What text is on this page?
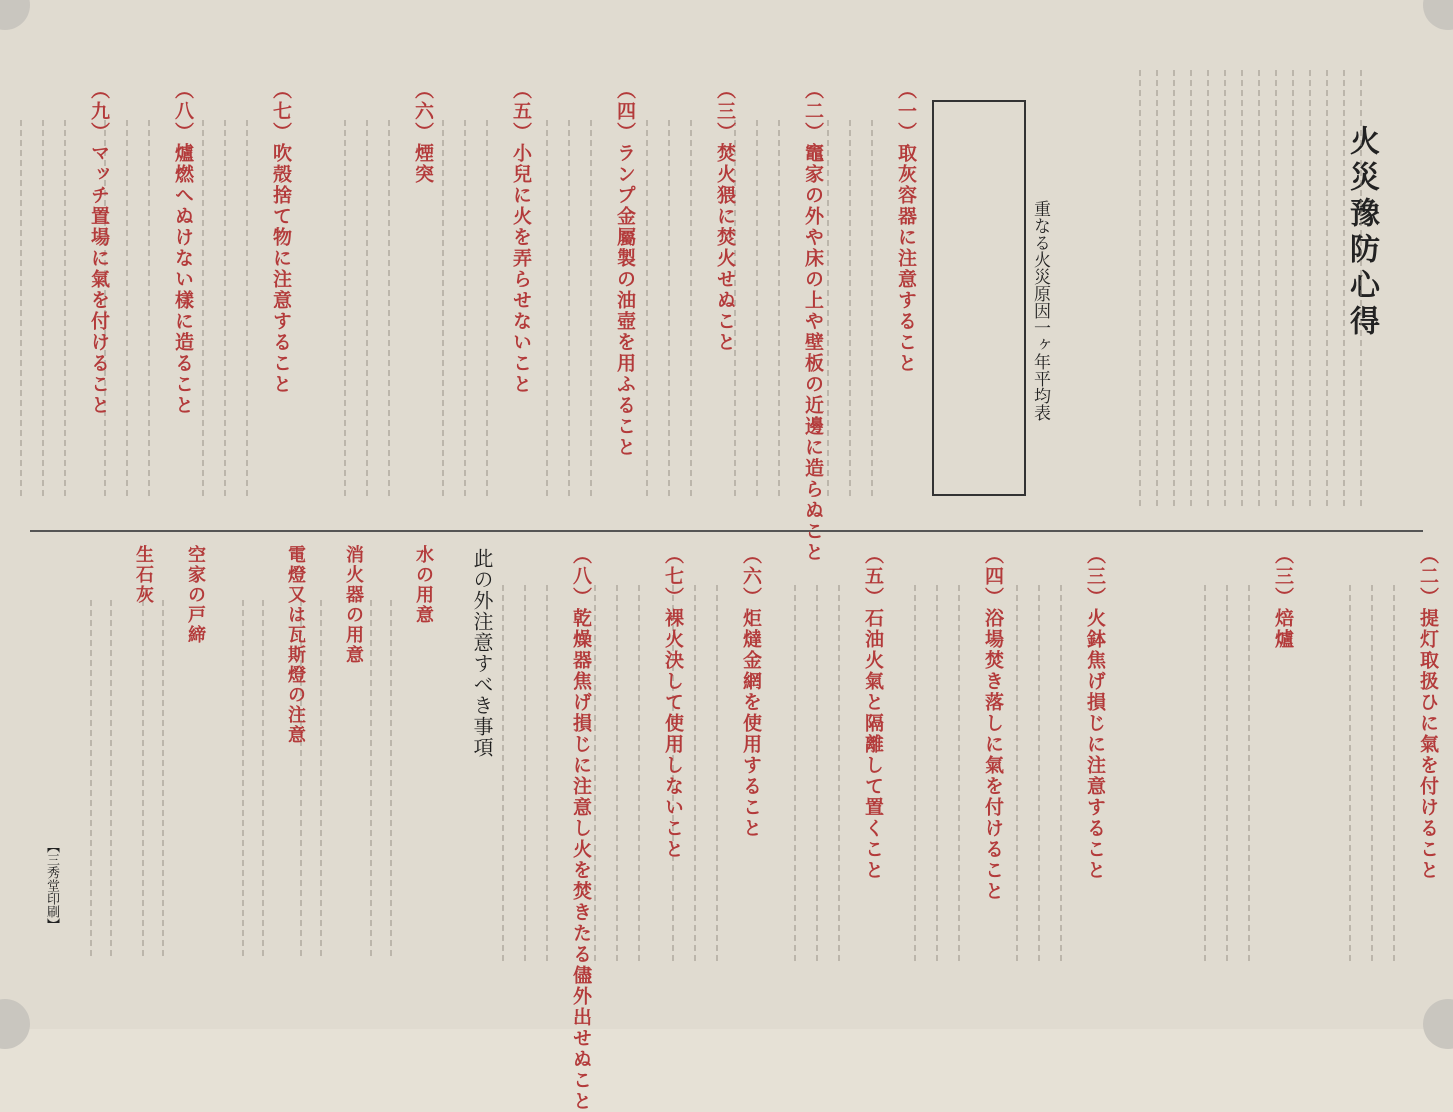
火災豫防心得
重なる火災原因一ヶ年平均表
此の外注意すべき事項
（一）取灰容器に注意すること
（二）竈家の外や床の上や壁板の近邊に造らぬこと
（三）焚火猥に焚火せぬこと
（四）ランプ金屬製の油壺を用ふること
（五）小兒に火を弄らせないこと
（六）煙突
（七）吹殻捨て物に注意すること
（八）爐燃へぬけない樣に造ること
（九）マッチ置場に氣を付けること
（二）提灯取扱ひに氣を付けること
（三）焙爐
（三）火鉢焦げ損じに注意すること
（四）浴場焚き落しに氣を付けること
（五）石油火氣と隔離して置くこと
（六）炬燵金網を使用すること
（七）裸火決して使用しないこと
（八）乾燥器焦げ損じに注意し火を焚きたる儘外出せぬこと
水の用意
消火器の用意
電燈又は瓦斯燈の注意
空家の戸締
生石灰
【三秀堂印刷】
